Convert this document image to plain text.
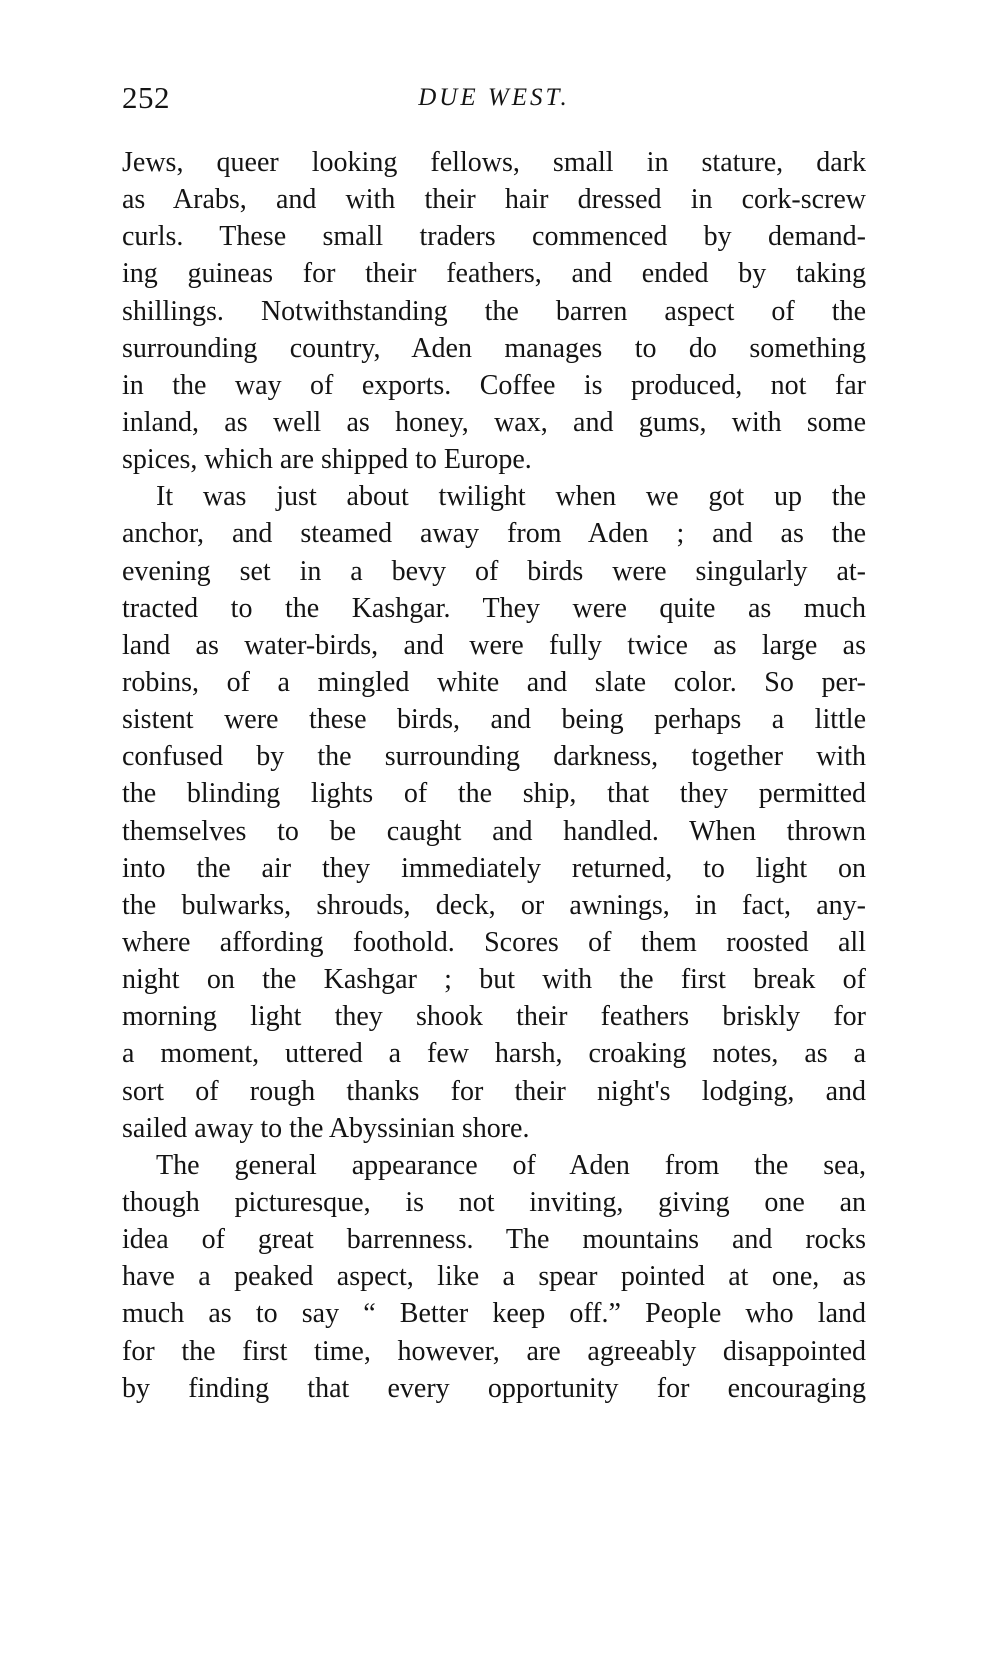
252	DUE WEST.
Jews, queer looking fellows, small in stature, dark
as Arabs, and with their hair dressed in cork-screw
curls. These small traders commenced by demand-
ing guineas for their feathers, and ended by taking
shillings. Notwithstanding the barren aspect of the
surrounding country, Aden manages to do something
in the way of exports. Coffee is produced, not far
inland, as well as honey, wax, and gums, with some
spices, which are shipped to Europe.
It was just about twilight when we got up the
anchor, and steamed away from Aden ; and as the
evening set in a bevy of birds were singularly at-
tracted to the Kashgar. They were quite as much
land as water-birds, and were fully twice as large as
robins, of a mingled white and slate color. So per-
sistent were these birds, and being perhaps a little
confused by the surrounding darkness, together with
the blinding lights of the ship, that they permitted
themselves to be caught and handled. When thrown
into the air they immediately returned, to light on
the bulwarks, shrouds, deck, or awnings, in fact, any-
where affording foothold. Scores of them roosted all
night on the Kashgar ; but with the first break of
morning light they shook their feathers briskly for
a moment, uttered a few harsh, croaking notes, as a
sort of rough thanks for their night's lodging, and
sailed away to the Abyssinian shore.
The general appearance of Aden from the sea,
though picturesque, is not inviting, giving one an
idea of great barrenness. The mountains and rocks
have a peaked aspect, like a spear pointed at one, as
much as to say “ Better keep off.” People who land
for the first time, however, are agreeably disappointed
by finding that every opportunity for encouraging
